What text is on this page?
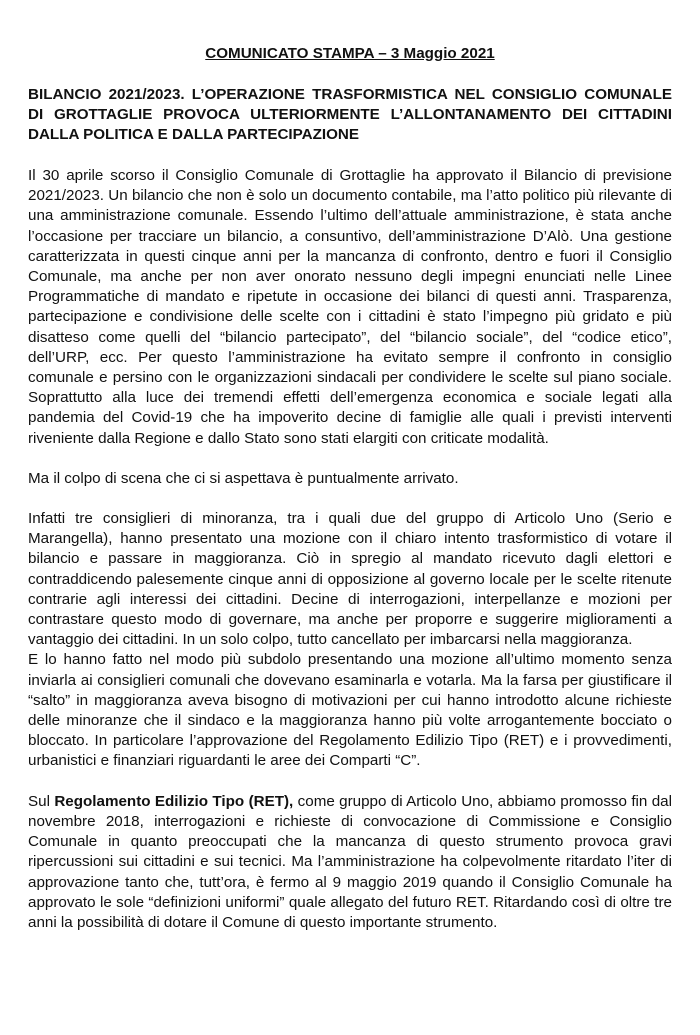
COMUNICATO STAMPA – 3 Maggio 2021
BILANCIO 2021/2023. L’OPERAZIONE TRASFORMISTICA NEL CONSIGLIO COMUNALE DI GROTTAGLIE PROVOCA ULTERIORMENTE L’ALLONTANAMENTO DEI CITTADINI DALLA POLITICA E DALLA PARTECIPAZIONE

Il 30 aprile scorso il Consiglio Comunale di Grottaglie ha approvato il Bilancio di previsione 2021/2023. Un bilancio che non è solo un documento contabile, ma l’atto politico più rilevante di una amministrazione comunale. Essendo l’ultimo dell’attuale amministrazione, è stata anche l’occasione per tracciare un bilancio, a consuntivo, dell’amministrazione D’Alò. Una gestione caratterizzata in questi cinque anni per la mancanza di confronto, dentro e fuori il Consiglio Comunale, ma anche per non aver onorato nessuno degli impegni enunciati nelle Linee Programmatiche di mandato e ripetute in occasione dei bilanci di questi anni. Trasparenza, partecipazione e condivisione delle scelte con i cittadini è stato l’impegno più gridato e più disatteso come quelli del “bilancio partecipato”, del “bilancio sociale”, del “codice etico”, dell’URP, ecc. Per questo l’amministrazione ha evitato sempre il confronto in consiglio comunale e persino con le organizzazioni sindacali per condividere le scelte sul piano sociale. Soprattutto alla luce dei tremendi effetti dell’emergenza economica e sociale legati alla pandemia del Covid-19 che ha impoverito decine di famiglie alle quali i previsti interventi riveniente dalla Regione e dallo Stato sono stati elargiti con criticate modalità.

Ma il colpo di scena che ci si aspettava è puntualmente arrivato.

Infatti tre consiglieri di minoranza, tra i quali due del gruppo di Articolo Uno (Serio e Marangella), hanno presentato una mozione con il chiaro intento trasformistico di votare il bilancio e passare in maggioranza. Ciò in spregio al mandato ricevuto dagli elettori e contraddicendo palesemente cinque anni di opposizione al governo locale per le scelte ritenute contrarie agli interessi dei cittadini. Decine di interrogazioni, interpellanze e mozioni per contrastare questo modo di governare, ma anche per proporre e suggerire miglioramenti a vantaggio dei cittadini. In un solo colpo, tutto cancellato per imbarcarsi nella maggioranza.

E lo hanno fatto nel modo più subdolo presentando una mozione all’ultimo momento senza inviarla ai consiglieri comunali che dovevano esaminarla e votarla. Ma la farsa per giustificare il “salto” in maggioranza aveva bisogno di motivazioni per cui hanno introdotto alcune richieste delle minoranze che il sindaco e la maggioranza hanno più volte arrogantemente bocciato o bloccato. In particolare l’approvazione del Regolamento Edilizio Tipo (RET) e i provvedimenti, urbanistici e finanziari riguardanti le aree dei Comparti “C”.

Sul Regolamento Edilizio Tipo (RET), come gruppo di Articolo Uno, abbiamo promosso fin dal novembre 2018, interrogazioni e richieste di convocazione di Commissione e Consiglio Comunale in quanto preoccupati che la mancanza di questo strumento provoca gravi ripercussioni sui cittadini e sui tecnici. Ma l’amministrazione ha colpevolmente ritardato l’iter di approvazione tanto che, tutt’ora, è fermo al 9 maggio 2019 quando il Consiglio Comunale ha approvato le sole “definizioni uniformi” quale allegato del futuro RET. Ritardando così di oltre tre anni la possibilità di dotare il Comune di questo importante strumento.
